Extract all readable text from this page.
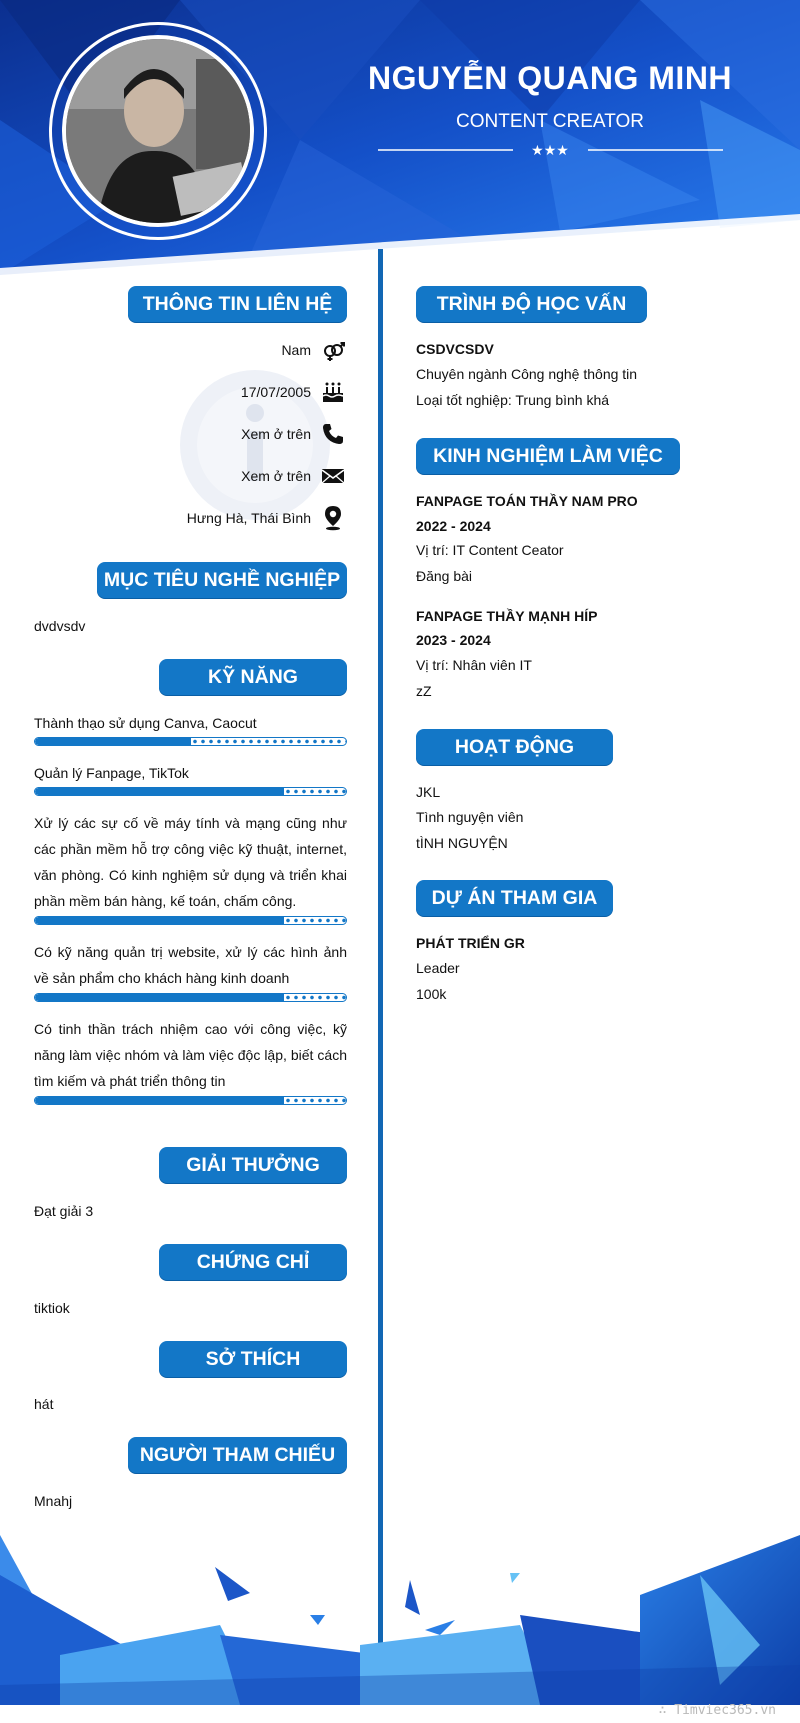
NGUYỄN QUANG MINH
CONTENT CREATOR
★★★
THÔNG TIN LIÊN HỆ
Nam
17/07/2005
Xem ở trên
Xem ở trên
Hưng Hà, Thái Bình
MỤC TIÊU NGHỀ NGHIỆP
dvdvsdv
KỸ NĂNG
Thành thạo sử dụng Canva, Caocut
Quản lý Fanpage, TikTok
Xử lý các sự cố về máy tính và mạng cũng như các phần mềm hỗ trợ công việc kỹ thuật, internet, văn phòng. Có kinh nghiệm sử dụng và triển khai phần mềm bán hàng, kế toán, chấm công.
Có kỹ năng quản trị website, xử lý các hình ảnh về sản phẩm cho khách hàng kinh doanh
Có tinh thần trách nhiệm cao với công việc, kỹ năng làm việc nhóm và làm việc độc lập, biết cách tìm kiếm và phát triển thông tin
GIẢI THƯỞNG
Đạt giải 3
CHỨNG CHỈ
tiktiok
SỞ THÍCH
hát
NGƯỜI THAM CHIẾU
Mnahj
TRÌNH ĐỘ HỌC VẤN
CSDVCSDV
Chuyên ngành Công nghệ thông tin
Loại tốt nghiệp: Trung bình khá
KINH NGHIỆM LÀM VIỆC
FANPAGE TOÁN THẦY NAM PRO
2022 - 2024
Vị trí: IT Content Ceator
Đăng bài
FANPAGE THẦY MẠNH HÍP
2023 - 2024
Vị trí: Nhân viên IT
zZ
HOẠT ĐỘNG
JKL
Tình nguyện viên
tÌNH NGUYỆN
DỰ ÁN THAM GIA
PHÁT TRIỂN GR
Leader
100k
∴ Timviec365.vn
